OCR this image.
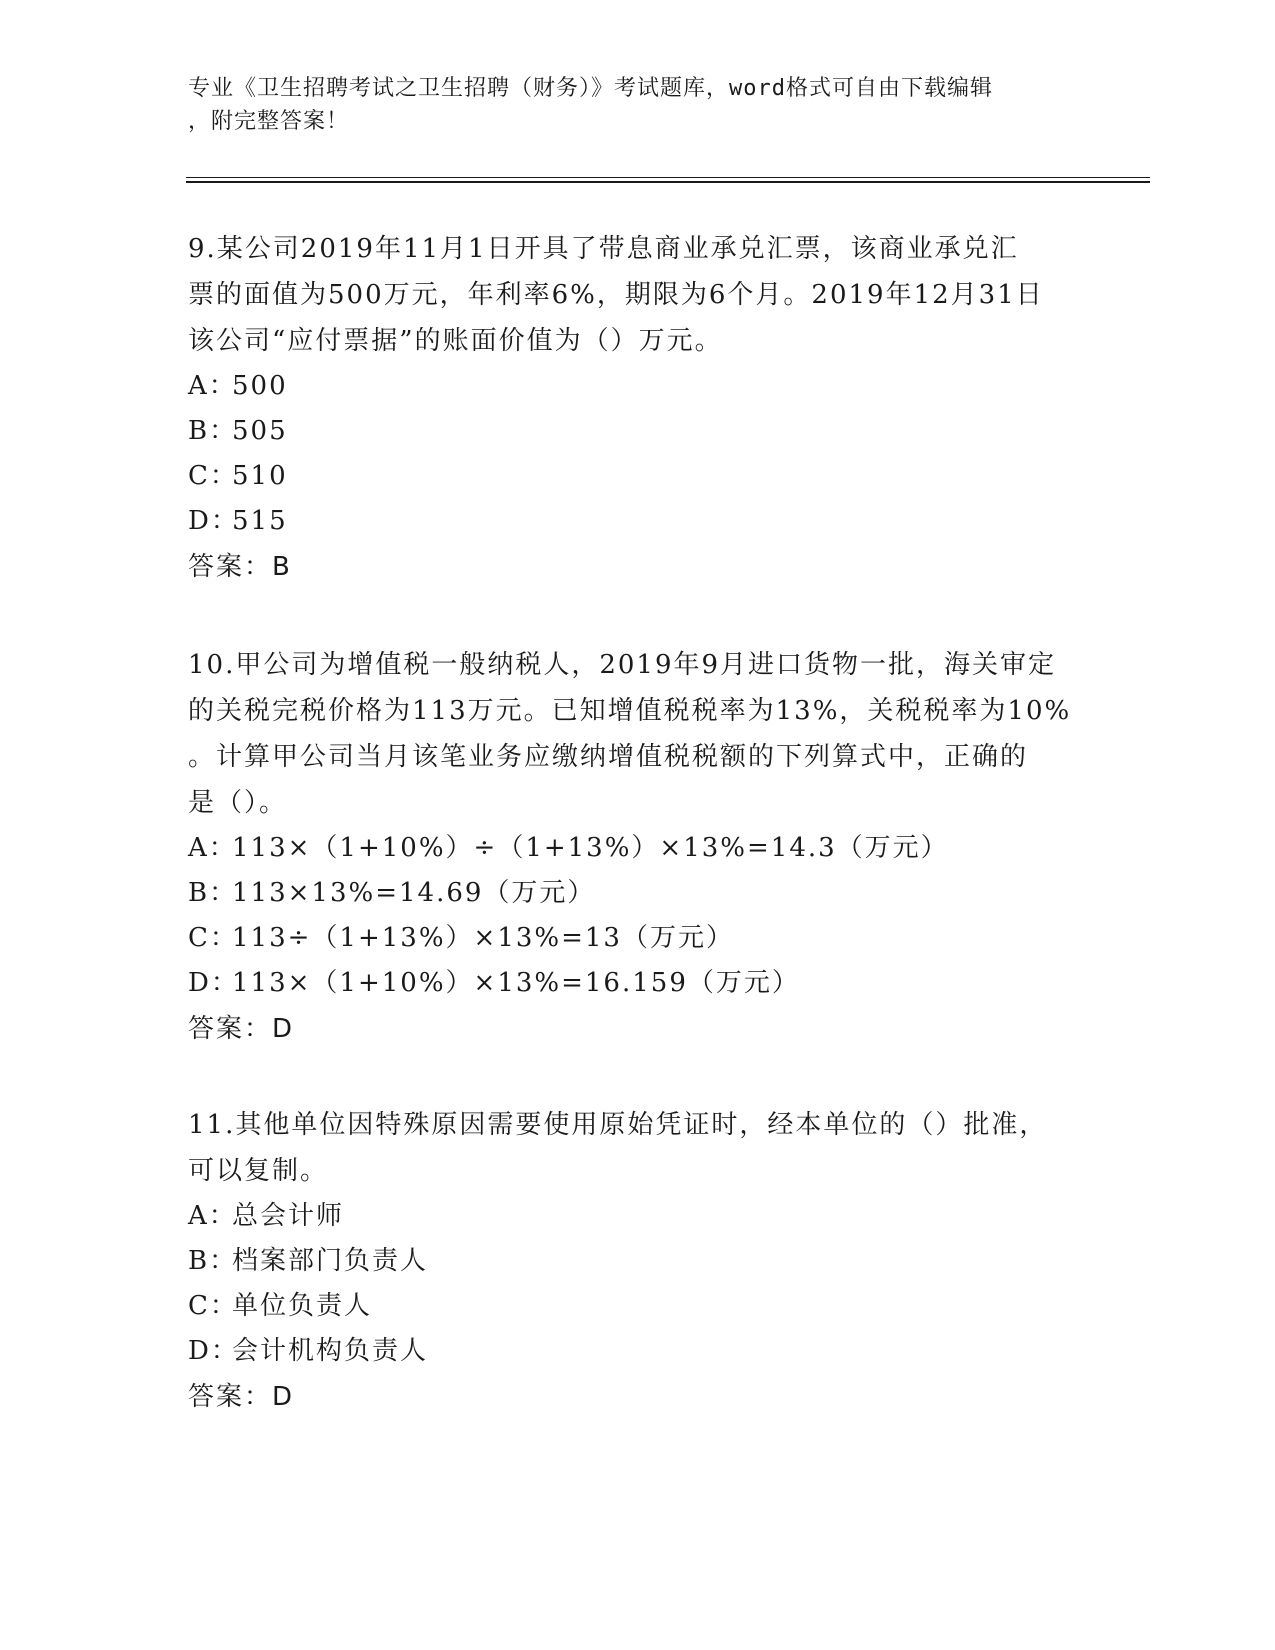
专业《卫生招聘考试之卫生招聘（财务）》考试题库，word格式可自由下载编辑
，附完整答案！

9.某公司2019年11月1日开具了带息商业承兑汇票，该商业承兑汇

票的面值为500万元，年利率6%，期限为6个月。2019年12月31日

该公司“应付票据”的账面价值为（）万元。

A：500

B：505

C：510

D：515

答案：B

10.甲公司为增值税一般纳税人，2019年9月进口货物一批，海关审定

的关税完税价格为113万元。已知增值税税率为13%，关税税率为10%

。计算甲公司当月该笔业务应缴纳增值税税额的下列算式中，正确的

是（）。

A：113×（1+10%）÷（1+13%）×13%=14.3（万元）

B：113×13%=14.69（万元）

C：113÷（1+13%）×13%=13（万元）

D：113×（1+10%）×13%=16.159（万元）

答案：D

11.其他单位因特殊原因需要使用原始凭证时，经本单位的（）批准，

可以复制。

A：总会计师

B：档案部门负责人

C：单位负责人

D：会计机构负责人

答案：D
